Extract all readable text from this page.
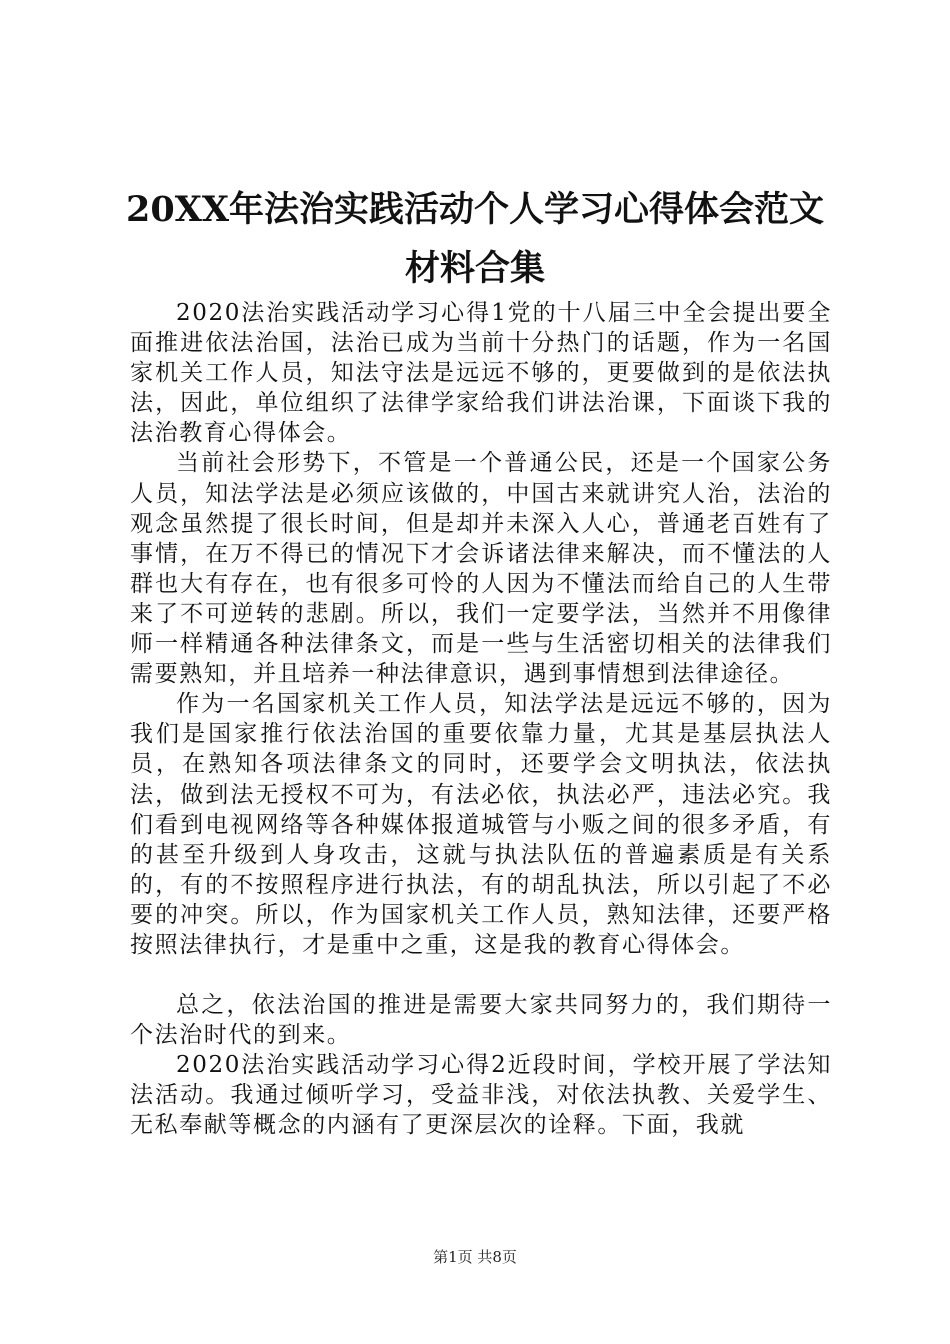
20XX年法治实践活动个人学习心得体会范文
材料合集

2020法治实践活动学习心得1党的十八届三中全会提出要全面推进依法治国，法治已成为当前十分热门的话题，作为一名国家机关工作人员，知法守法是远远不够的，更要做到的是依法执法，因此，单位组织了法律学家给我们讲法治课，下面谈下我的法治教育心得体会。

当前社会形势下，不管是一个普通公民，还是一个国家公务人员，知法学法是必须应该做的，中国古来就讲究人治，法治的观念虽然提了很长时间，但是却并未深入人心，普通老百姓有了事情，在万不得已的情况下才会诉诸法律来解决，而不懂法的人群也大有存在，也有很多可怜的人因为不懂法而给自己的人生带来了不可逆转的悲剧。所以，我们一定要学法，当然并不用像律师一样精通各种法律条文，而是一些与生活密切相关的法律我们需要熟知，并且培养一种法律意识，遇到事情想到法律途径。

作为一名国家机关工作人员，知法学法是远远不够的，因为我们是国家推行依法治国的重要依靠力量，尤其是基层执法人员，在熟知各项法律条文的同时，还要学会文明执法，依法执法，做到法无授权不可为，有法必依，执法必严，违法必究。我们看到电视网络等各种媒体报道城管与小贩之间的很多矛盾，有的甚至升级到人身攻击，这就与执法队伍的普遍素质是有关系的，有的不按照程序进行执法，有的胡乱执法，所以引起了不必要的冲突。所以，作为国家机关工作人员，熟知法律，还要严格按照法律执行，才是重中之重，这是我的教育心得体会。

总之，依法治国的推进是需要大家共同努力的，我们期待一个法治时代的到来。

2020法治实践活动学习心得2近段时间，学校开展了学法知法活动。我通过倾听学习，受益非浅，对依法执教、关爱学生、无私奉献等概念的内涵有了更深层次的诠释。下面，我就

第1页 共8页
